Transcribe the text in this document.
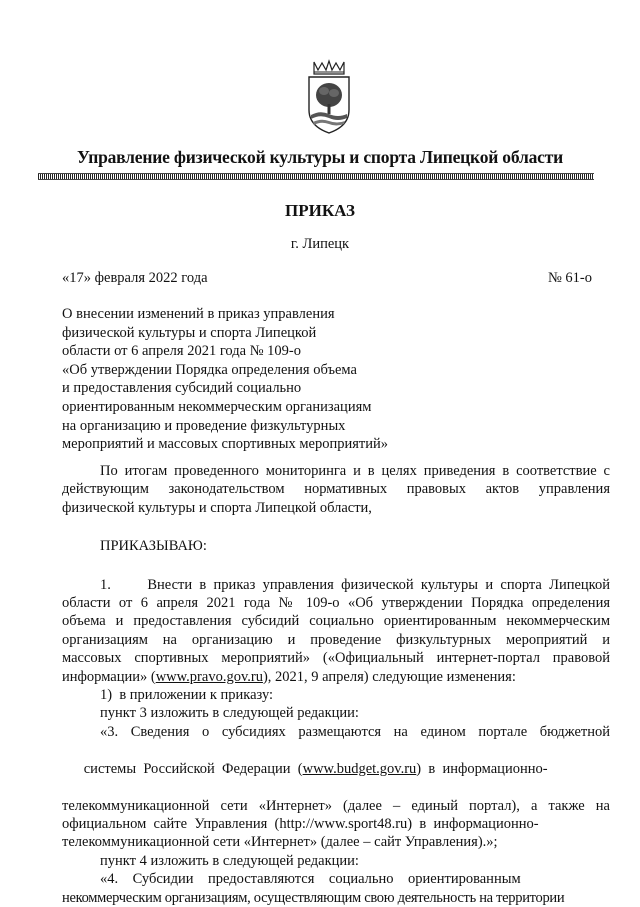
Управление физической культуры и спорта Липецкой области
ПРИКАЗ
г. Липецк
«17» февраля 2022 года	№ 61-о
О внесении изменений в приказ управления
физической культуры и спорта Липецкой
области от 6 апреля 2021 года № 109-о
«Об утверждении Порядка определения объема
и предоставления субсидий социально
ориентированным некоммерческим организациям
на организацию и проведение физкультурных
мероприятий и массовых спортивных мероприятий»
По итогам проведенного мониторинга и в целях приведения в соответствие с
действующим законодательством нормативных правовых актов управления
физической культуры и спорта Липецкой области,
ПРИКАЗЫВАЮ:
1.     Внести в приказ управления физической культуры и спорта Липецкой
области от 6 апреля 2021 года № 109-о «Об утверждении Порядка определения
объема и предоставления субсидий социально ориентированным некоммерческим
организациям на организацию и проведение физкультурных мероприятий и
массовых спортивных мероприятий» («Официальный интернет-портал правовой
информации» (www.pravo.gov.ru), 2021, 9 апреля) следующие изменения:
1)  в приложении к приказу:
пункт 3 изложить в следующей редакции:
«3. Сведения о субсидиях размещаются на едином портале бюджетной

системы  Российской  Федерации  (www.budget.gov.ru)  в  информационно-

телекоммуникационной сети «Интернет» (далее – единый портал), а также на
официальном  сайте  Управления  (http://www.sport48.ru)  в  информационно-
телекоммуникационной сети «Интернет» (далее – сайт Управления).»;
пункт 4 изложить в следующей редакции:
«4.    Субсидии    предоставляются    социально    ориентированным
некоммерческим организациям, осуществляющим свою деятельность на территории
